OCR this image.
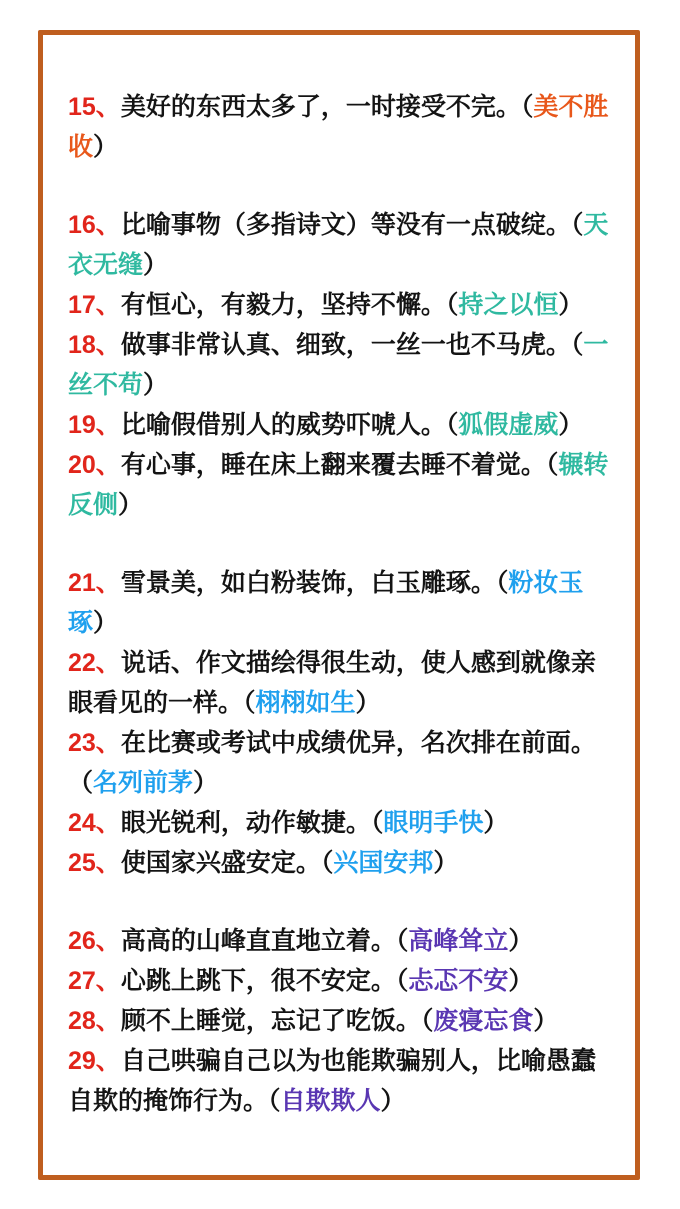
15、美好的东西太多了，一时接受不完。（美不胜收）

16、比喻事物（多指诗文）等没有一点破绽。（天衣无缝）

17、有恒心，有毅力，坚持不懈。（持之以恒）

18、做事非常认真、细致，一丝一也不马虎。（一丝不苟）

19、比喻假借别人的威势吓唬人。（狐假虚威）

20、有心事，睡在床上翻来覆去睡不着觉。（辗转反侧）

21、雪景美，如白粉装饰，白玉雕琢。（粉妆玉琢）

22、说话、作文描绘得很生动，使人感到就像亲眼看见的一样。（栩栩如生）

23、在比赛或考试中成绩优异，名次排在前面。（名列前茅）

24、眼光锐利，动作敏捷。（眼明手快）

25、使国家兴盛安定。（兴国安邦）

26、高高的山峰直直地立着。（高峰耸立）

27、心跳上跳下，很不安定。（忐忑不安）

28、顾不上睡觉，忘记了吃饭。（废寝忘食）

29、自己哄骗自己以为也能欺骗别人，比喻愚蠢自欺的掩饰行为。（自欺欺人）
